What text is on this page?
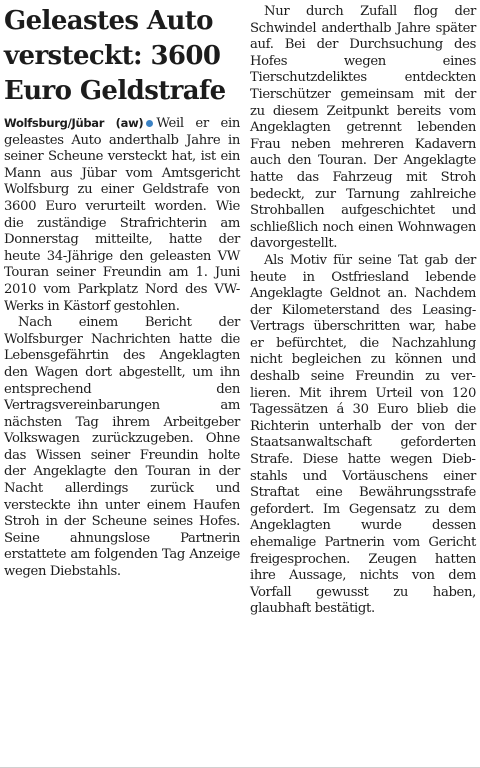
Geleastes Auto versteckt: 3600 Euro Geldstrafe

Wolfsburg/Jübar (aw) Weil er ein geleastes Auto anderthalb Jahre in seiner Scheune versteckt hat, ist ein Mann aus Jübar vom Amtsgericht Wolfsburg zu einer Geldstrafe von 3600 Euro verurteilt worden. Wie die zuständige Strafrichterin am Donnerstag mitteilte, hatte der heute 34-Jährige den geleasten VW Touran seiner Freundin am 1. Juni 2010 vom Parkplatz Nord des VW-Werks in Kästorf gestohlen.

Nach einem Bericht der Wolfsburger Nachrichten hatte die Lebensgefährtin des Angeklagten den Wagen dort abgestellt, um ihn entsprechend den Vertragsvereinbarungen am nächsten Tag ihrem Arbeitgeber Volkswagen zurückzugeben. Ohne das Wissen seiner Freundin holte der Angeklagte den Touran in der Nacht allerdings zurück und versteckte ihn unter einem Haufen Stroh in der Scheune seines Hofes. Seine ahnungslose Partnerin erstattete am folgenden Tag Anzeige wegen Diebstahls.

Nur durch Zufall flog der Schwindel anderthalb Jahre später auf. Bei der Durchsuchung des Hofes wegen eines Tierschutzdeliktes entdeckten Tierschützer gemeinsam mit der zu diesem Zeitpunkt bereits vom Angeklagten getrennt lebenden Frau neben mehreren Kadavern auch den Touran. Der Angeklagte hatte das Fahrzeug mit Stroh bedeckt, zur Tarnung zahlreiche Strohballen aufgeschichtet und schließlich noch einen Wohnwagen davorgestellt.

Als Motiv für seine Tat gab der heute in Ostfriesland lebende Angeklagte Geldnot an. Nachdem der Kilometerstand des Leasing-Vertrags überschritten war, habe er befürchtet, die Nachzahlung nicht begleichen zu können und deshalb seine Freundin zu verlieren. Mit ihrem Urteil von 120 Tagessätzen á 30 Euro blieb die Richterin unterhalb der von der Staatsanwaltschaft geforderten Strafe. Diese hatte wegen Diebstahls und Vortäuschens einer Straftat eine Bewährungsstrafe gefordert. Im Gegensatz zu dem Angeklagten wurde dessen ehemalige Partnerin vom Gericht freigesprochen. Zeugen hatten ihre Aussage, nichts von dem Vorfall gewusst zu haben, glaubhaft bestätigt.
